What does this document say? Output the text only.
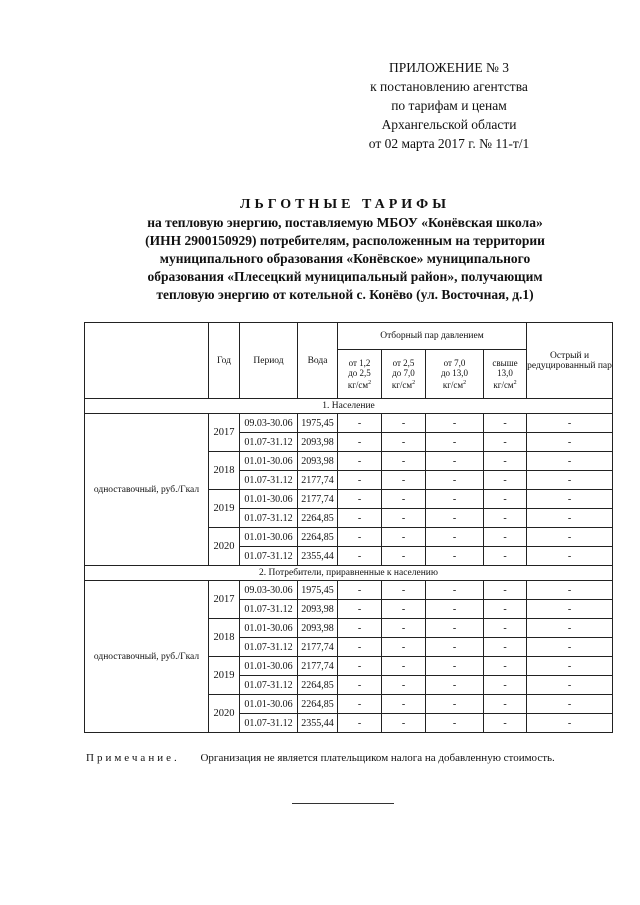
ПРИЛОЖЕНИЕ № 3
к постановлению агентства
по тарифам и ценам
Архангельской области
от 02 марта 2017 г. № 11-т/1
ЛЬГОТНЫЕ ТАРИФЫ
на тепловую энергию, поставляемую МБОУ «Конёвская школа»
(ИНН 2900150929) потребителям, расположенным на территории
муниципального образования «Конёвское» муниципального
образования «Плесецкий муниципальный район», получающим
тепловую энергию от котельной с. Конёво (ул. Восточная, д.1)
	Год	Период	Вода	Отборный пар давлением				Острый и редуцированный пар
				от 1,2
до 2,5
$кг/см^2$	от 2,5
до 7,0
$кг/см^2$	от 7,0
до 13,0
$кг/см^2$	свыше
13,0
$кг/см^2$
1. Население								
одноставочный, руб./Гкал	2017	09.03-30.06	1975,45	-	-	-	-	-
		01.07-31.12	2093,98	-	-	-	-	-
	2018	01.01-30.06	2093,98	-	-	-	-	-
		01.07-31.12	2177,74	-	-	-	-	-
	2019	01.01-30.06	2177,74	-	-	-	-	-
		01.07-31.12	2264,85	-	-	-	-	-
	2020	01.01-30.06	2264,85	-	-	-	-	-
		01.07-31.12	2355,44	-	-	-	-	-
2. Потребители, приравненные к населению								
одноставочный, руб./Гкал	2017	09.03-30.06	1975,45	-	-	-	-	-
		01.07-31.12	2093,98	-	-	-	-	-
	2018	01.01-30.06	2093,98	-	-	-	-	-
		01.07-31.12	2177,74	-	-	-	-	-
	2019	01.01-30.06	2177,74	-	-	-	-	-
		01.07-31.12	2264,85	-	-	-	-	-
	2020	01.01-30.06	2264,85	-	-	-	-	-
		01.07-31.12	2355,44	-	-	-	-	-
Примечание. Организация не является плательщиком налога на добавленную стоимость.
